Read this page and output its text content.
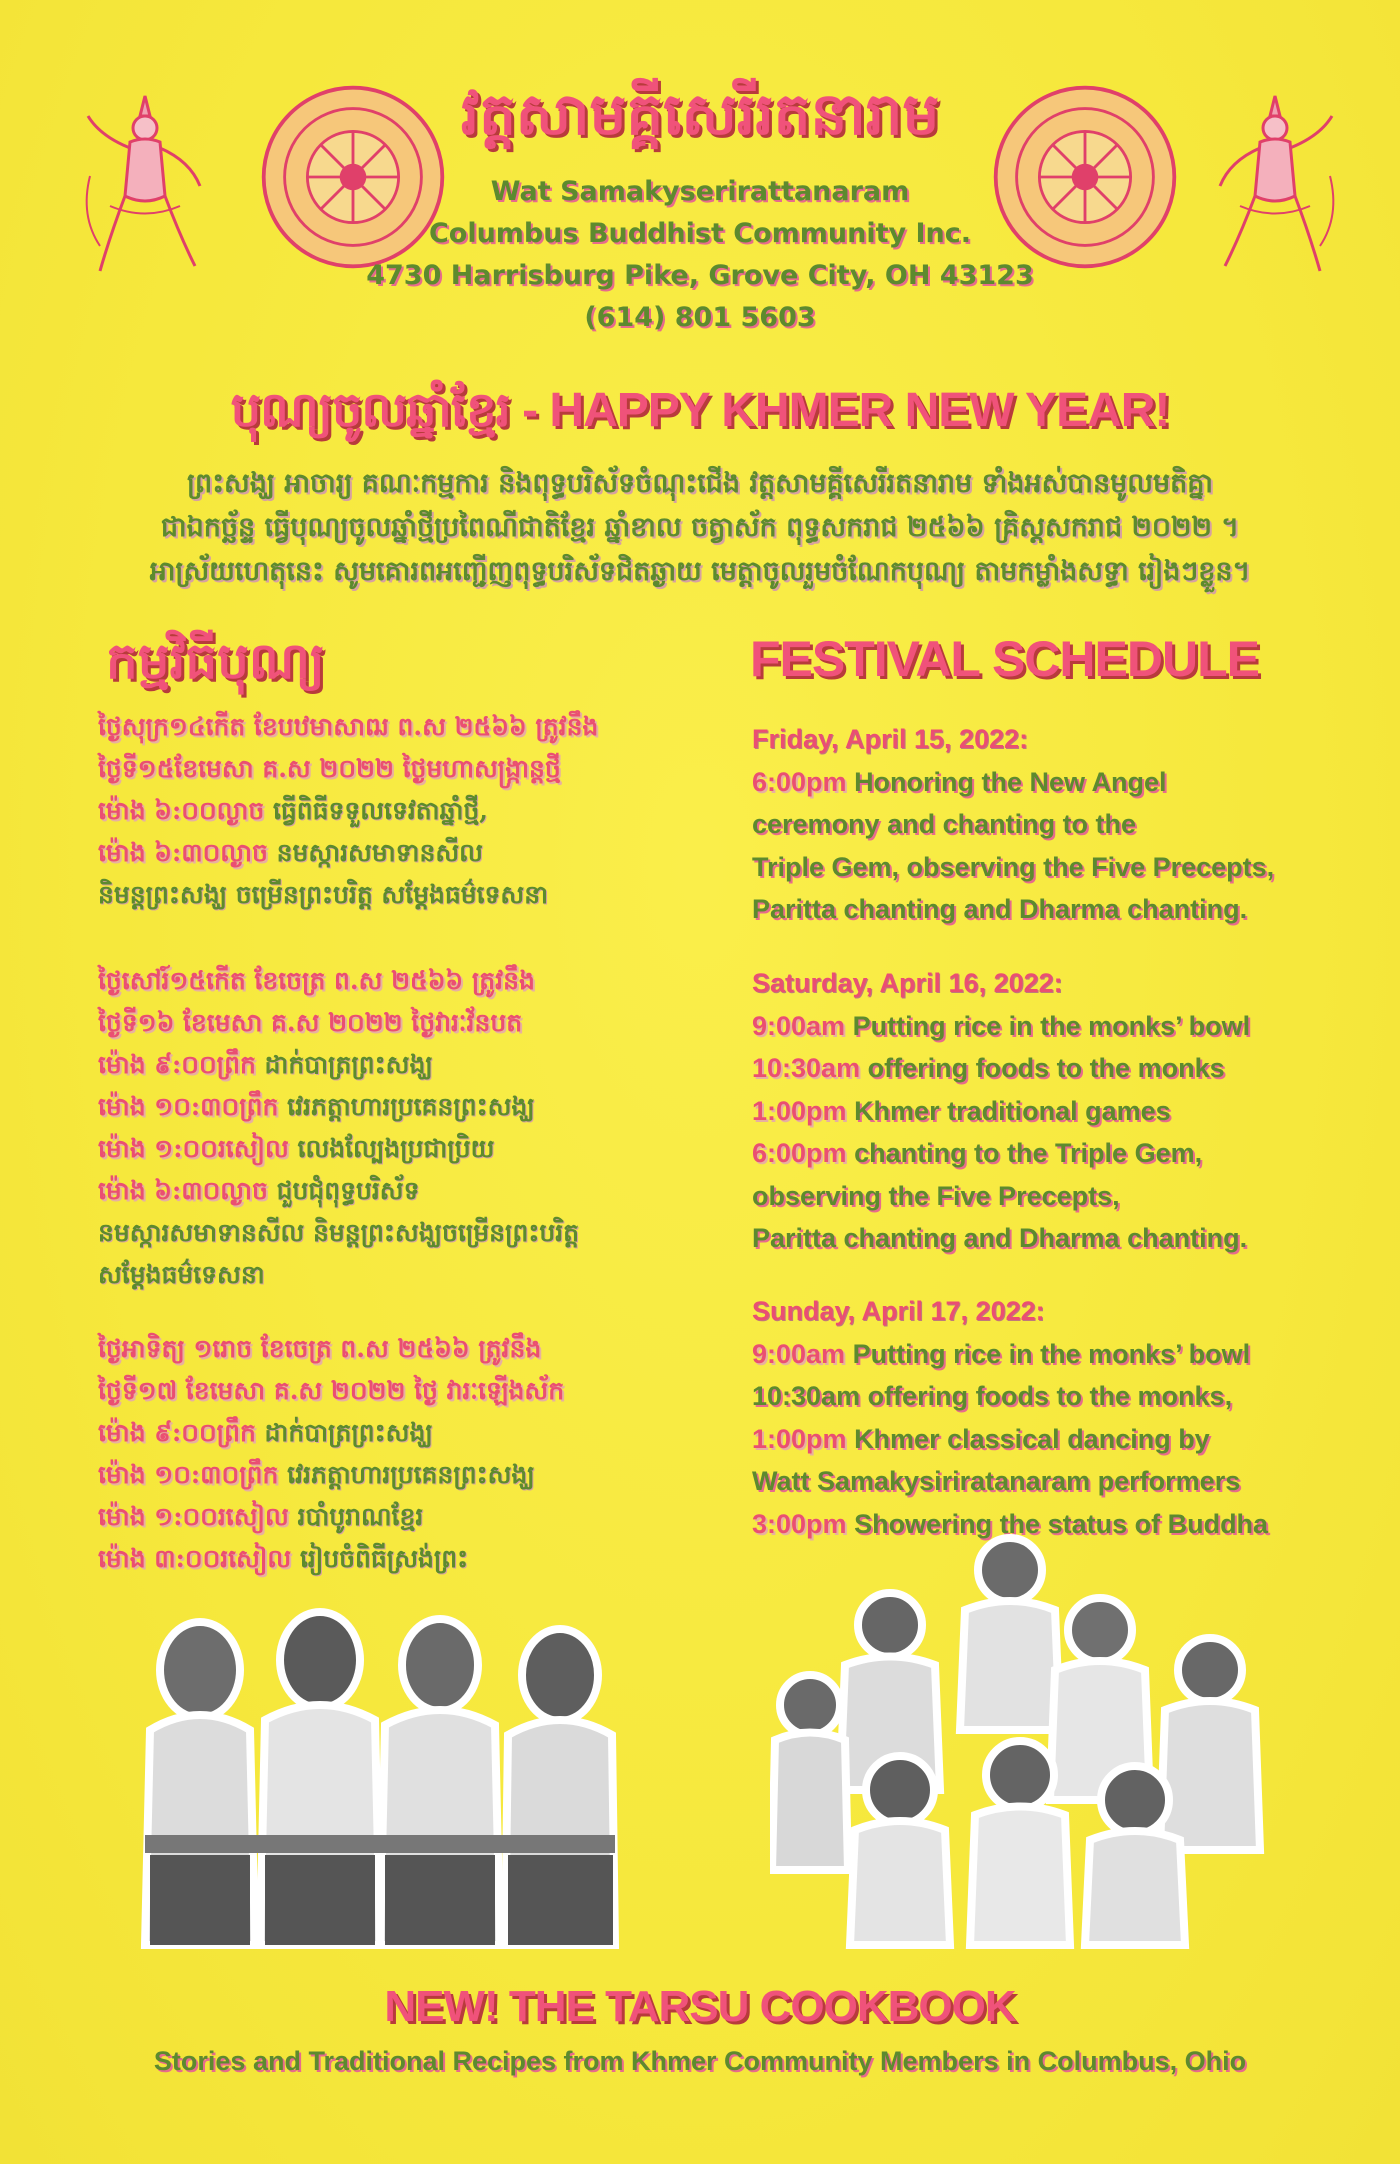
វត្តសាមគ្គីសេរីរតនារាម
Wat Samakyserirattanaram
Columbus Buddhist Community Inc.
4730 Harrisburg Pike, Grove City, OH 43123
(614) 801 5603
បុណ្យចូលឆ្នាំខ្មែរ - HAPPY KHMER NEW YEAR!
ព្រះសង្ឃ អាចារ្យ គណៈកម្មការ និងពុទ្ធបរិស័ទចំណុះជើង វត្តសាមគ្គីសេរីរតនារាម ទាំងអស់បានមូលមតិគ្នា
ជាឯកច្ឆ័ន្ទ ធ្វើបុណ្យចូលឆ្នាំថ្មីប្រពៃណីជាតិខ្មែរ ឆ្នាំខាល ចត្វាស័ក ពុទ្ធសករាជ ២៥៦៦ គ្រិស្តសករាជ ២០២២ ។
អាស្រ័យហេតុនេះ សូមគោរពអញ្ជើញពុទ្ធបរិស័ទជិតឆ្ងាយ មេត្តាចូលរួមចំណែកបុណ្យ តាមកម្លាំងសទ្ធា រៀងៗខ្លួន។
កម្មវិធីបុណ្យ

ថ្ងៃសុក្រ១៤កើត ខែបឋមាសាឍ ព.ស ២៥៦៦ ត្រូវនឹង

ថ្ងៃទី១៥ខែមេសា គ.ស ២០២២ ថ្ងៃមហាសង្ក្រាន្តថ្មី

ម៉ោង ៦:០០ល្ងាច ធ្វើពិធីទទួលទេវតាឆ្នាំថ្មី,

ម៉ោង ៦:៣០ល្ងាច នមស្ការសមាទានសីល

និមន្តព្រះសង្ឃ ចម្រើនព្រះបរិត្ត សម្តែងធម៌ទេសនា

ថ្ងៃសៅរ៍១៥កើត ខែចេត្រ ព.ស ២៥៦៦ ត្រូវនឹង

ថ្ងៃទី១៦ ខែមេសា គ.ស ២០២២ ថ្ងៃវារៈវ័នបត

ម៉ោង ៩:០០ព្រឹក ដាក់បាត្រព្រះសង្ឃ

ម៉ោង ១០:៣០ព្រឹក វេរភត្តាហារប្រគេនព្រះសង្ឃ

ម៉ោង ១:០០រសៀល លេងល្បែងប្រជាប្រិយ

ម៉ោង ៦:៣០ល្ងាច ជួបជុំពុទ្ធបរិស័ទ

នមស្ការសមាទានសីល និមន្តព្រះសង្ឃចម្រើនព្រះបរិត្ត

សម្តែងធម៌ទេសនា

ថ្ងៃអាទិត្យ ១រោច ខែចេត្រ ព.ស ២៥៦៦ ត្រូវនឹង

ថ្ងៃទី១៧ ខែមេសា គ.ស ២០២២ ថ្ងៃ វារៈឡើងស័ក

ម៉ោង ៩:០០ព្រឹក ដាក់បាត្រព្រះសង្ឃ

ម៉ោង ១០:៣០ព្រឹក វេរភត្តាហារប្រគេនព្រះសង្ឃ

ម៉ោង ១:០០រសៀល របាំបូរាណខ្មែរ

ម៉ោង ៣:០០រសៀល រៀបចំពិធីស្រង់ព្រះ

FESTIVAL SCHEDULE

Friday, April 15, 2022:

6:00pm Honoring the New Angel

ceremony and chanting to the

Triple Gem, observing the Five Precepts,

Paritta chanting and Dharma chanting.

Saturday, April 16, 2022:

9:00am Putting rice in the monks’ bowl

10:30am offering foods to the monks

1:00pm Khmer traditional games

6:00pm chanting to the Triple Gem,

observing the Five Precepts,

Paritta chanting and Dharma chanting.

Sunday, April 17, 2022:

9:00am Putting rice in the monks’ bowl

10:30am offering foods to the monks,

1:00pm Khmer classical dancing by

Watt Samakysiriratanaram performers

3:00pm Showering the status of Buddha

NEW! THE TARSU COOKBOOK
Stories and Traditional Recipes from Khmer Community Members in Columbus, Ohio
